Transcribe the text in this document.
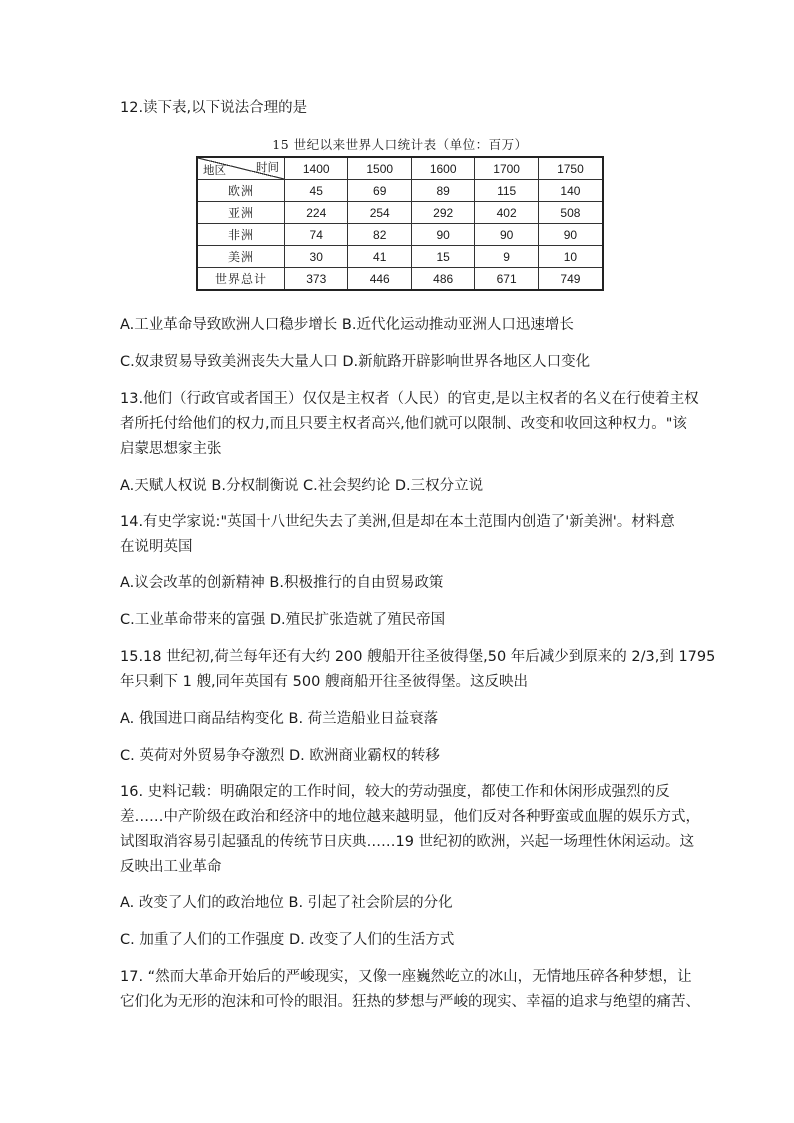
12.读下表,以下说法合理的是
15 世纪以来世界人口统计表（单位：百万）
地区 时间	1400	1500	1600	1700	1750
欧洲	45	69	89	115	140
亚洲	224	254	292	402	508
非洲	74	82	90	90	90
美洲	30	41	15	9	10
世界总计	373	446	486	671	749
A.工业革命导致欧洲人口稳步增长 B.近代化运动推动亚洲人口迅速增长
C.奴隶贸易导致美洲丧失大量人口 D.新航路开辟影响世界各地区人口变化
13.他们（行政官或者国王）仅仅是主权者（人民）的官吏,是以主权者的名义在行使着主权
者所托付给他们的权力,而且只要主权者高兴,他们就可以限制、改变和收回这种权力。"该
启蒙思想家主张
A.天赋人权说 B.分权制衡说 C.社会契约论 D.三权分立说
14.有史学家说:"英国十八世纪失去了美洲,但是却在本土范围内创造了'新美洲'。材料意
在说明英国
A.议会改革的创新精神 B.积极推行的自由贸易政策
C.工业革命带来的富强 D.殖民扩张造就了殖民帝国
15.18 世纪初,荷兰每年还有大约 200 艘船开往圣彼得堡,50 年后减少到原来的 2/3,到 1795
年只剩下 1 艘,同年英国有 500 艘商船开往圣彼得堡。这反映出
A. 俄国进口商品结构变化 B. 荷兰造船业日益衰落
C. 英荷对外贸易争夺激烈 D. 欧洲商业霸权的转移
16. 史料记载：明确限定的工作时间，较大的劳动强度，都使工作和休闲形成强烈的反
差……中产阶级在政治和经济中的地位越来越明显，他们反对各种野蛮或血腥的娱乐方式，
试图取消容易引起骚乱的传统节日庆典……19 世纪初的欧洲，兴起一场理性休闲运动。这
反映出工业革命
A. 改变了人们的政治地位 B. 引起了社会阶层的分化
C. 加重了人们的工作强度 D. 改变了人们的生活方式
17. “然而大革命开始后的严峻现实，又像一座巍然屹立的冰山，无情地压碎各种梦想，让
它们化为无形的泡沫和可怜的眼泪。狂热的梦想与严峻的现实、幸福的追求与绝望的痛苦、
